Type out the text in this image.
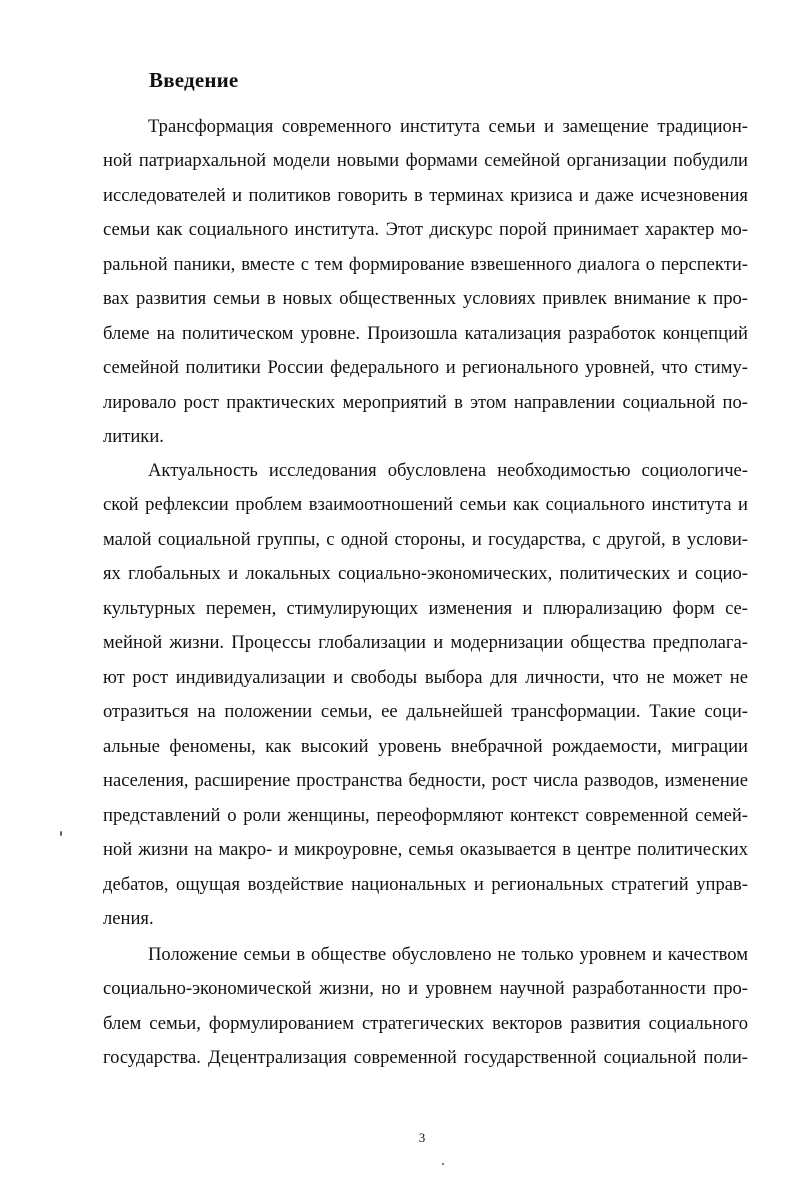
Введение
Трансформация современного института семьи и замещение традицион-
ной патриархальной модели новыми формами семейной организации побудили
исследователей и политиков говорить в терминах кризиса и даже исчезновения
семьи как социального института. Этот дискурс порой принимает характер мо-
ральной паники, вместе с тем формирование взвешенного диалога о перспекти-
вах развития семьи в новых общественных условиях привлек внимание к про-
блеме на политическом уровне. Произошла катализация разработок концепций
семейной политики России федерального и регионального уровней, что стиму-
лировало рост практических мероприятий в этом направлении социальной по-
литики.
Актуальность исследования обусловлена необходимостью социологиче-
ской рефлексии проблем взаимоотношений семьи как социального института и
малой социальной группы, с одной стороны, и государства, с другой, в услови-
ях глобальных и локальных социально-экономических, политических и социо-
культурных перемен, стимулирующих изменения и плюрализацию форм се-
мейной жизни. Процессы глобализации и модернизации общества предполага-
ют рост индивидуализации и свободы выбора для личности, что не может не
отразиться на положении семьи, ее дальнейшей трансформации. Такие соци-
альные феномены, как высокий уровень внебрачной рождаемости, миграции
населения, расширение пространства бедности, рост числа разводов, изменение
представлений о роли женщины, переоформляют контекст современной семей-
ной жизни на макро- и микроуровне, семья оказывается в центре политических
дебатов, ощущая воздействие национальных и региональных стратегий управ-
ления.
Положение семьи в обществе обусловлено не только уровнем и качеством
социально-экономической жизни, но и уровнем научной разработанности про-
блем семьи, формулированием стратегических векторов развития социального
государства. Децентрализация современной государственной социальной поли-
3
